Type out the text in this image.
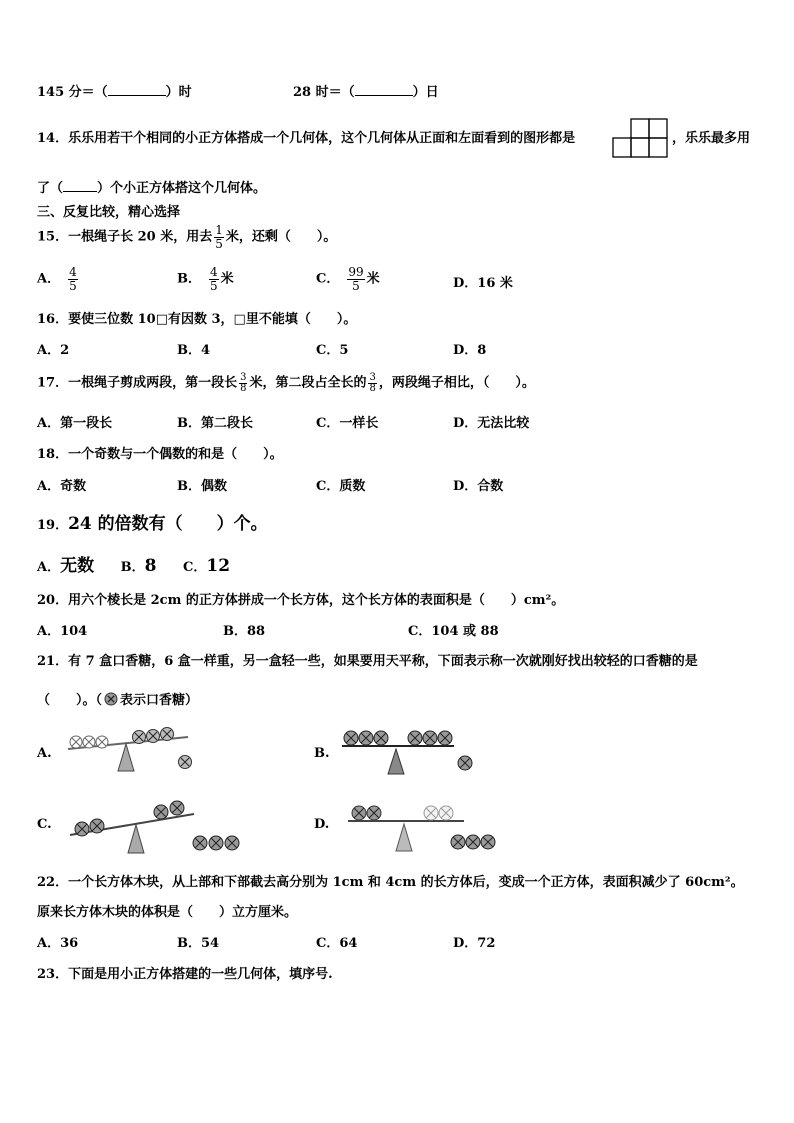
145 分＝（	）时	28 时＝（	）日
14．乐乐用若干个相同的小正方体搭成一个几何体，这个几何体从正面和左面看到的图形都是	，乐乐最多用
了（	）个小正方体搭这个几何体。
三、反复比较，精心选择
15．一根绳子长 20 米，用去 $\frac{1}{5}$ 米，还剩（　　）。
A． $\frac{4}{5}$	B． $\frac{4}{5}$ 米	C． $\frac{99}{5}$ 米	D．16 米
16．要使三位数 10□有因数 3，□里不能填（　　）。
A．2	B．4	C．5	D．8
17．一根绳子剪成两段，第一段长 $\frac{3}{8}$ 米，第二段占全长的 $\frac{3}{8}$ ，两段绳子相比，（　　）。
A．第一段长	B．第二段长	C．一样长	D．无法比较
18．一个奇数与一个偶数的和是（　　）。
A．奇数	B．偶数	C．质数	D．合数
19．24 的倍数有（　　）个。
A．无数 B．8 C．12
20．用六个棱长是 2cm 的正方体拼成一个长方体，这个长方体的表面积是（　　）cm²。
A．104	B．88	C．104 或 88
21．有 7 盒口香糖，6 盒一样重，另一盒轻一些，如果要用天平称，下面表示称一次就刚好找出较轻的口香糖的是
（　　）。（ 表示口香糖）
A.	B.
C.	D.
22．一个长方体木块，从上部和下部截去高分别为 1cm 和 4cm 的长方体后，变成一个正方体，表面积减少了 60cm²。
原来长方体木块的体积是（　　）立方厘米。
A．36	B．54	C．64	D．72
23．下面是用小正方体搭建的一些几何体，填序号.
